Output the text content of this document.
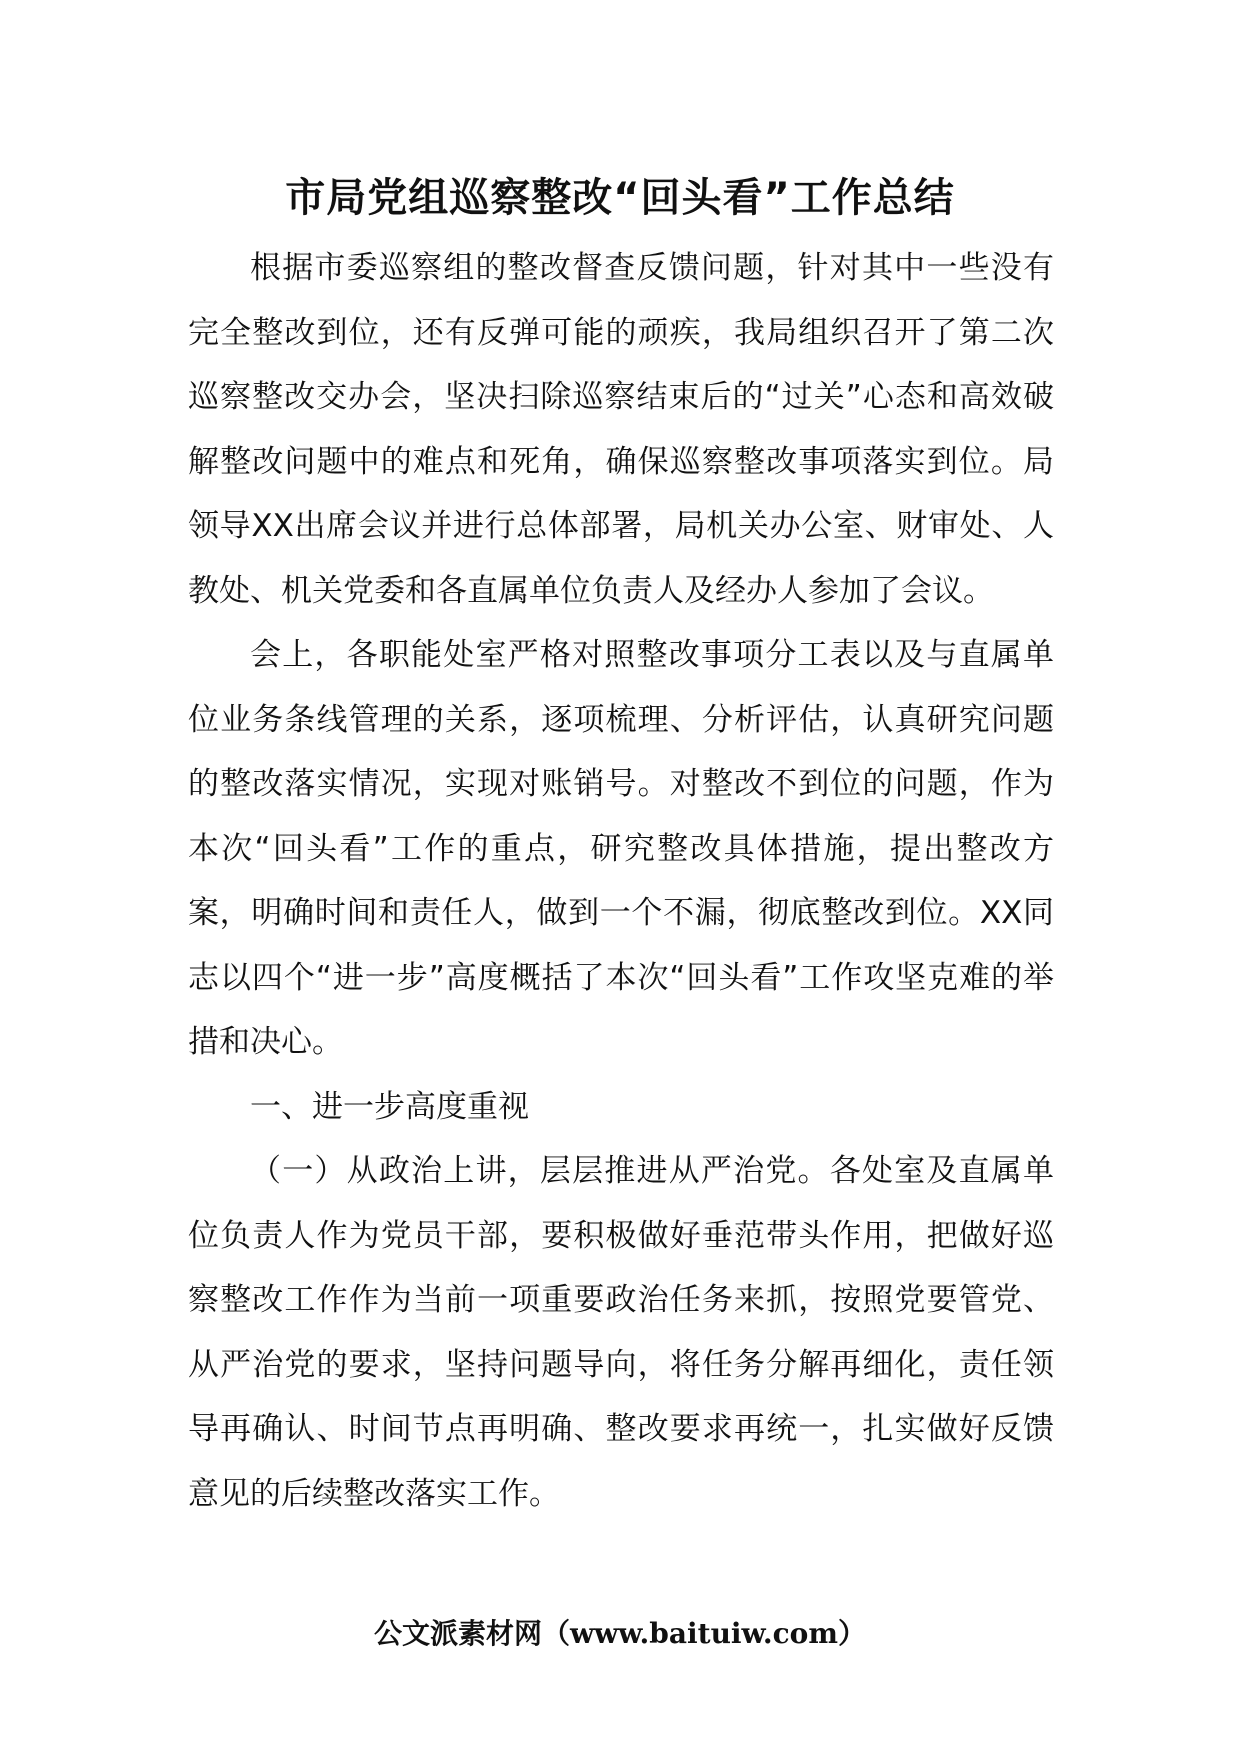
市局党组巡察整改“回头看”工作总结

根据市委巡察组的整改督查反馈问题，针对其中一些没有完全整改到位，还有反弹可能的顽疾，我局组织召开了第二次巡察整改交办会，坚决扫除巡察结束后的“过关”心态和高效破解整改问题中的难点和死角，确保巡察整改事项落实到位。局领导XX出席会议并进行总体部署，局机关办公室、财审处、人教处、机关党委和各直属单位负责人及经办人参加了会议。

会上，各职能处室严格对照整改事项分工表以及与直属单位业务条线管理的关系，逐项梳理、分析评估，认真研究问题的整改落实情况，实现对账销号。对整改不到位的问题，作为本次“回头看”工作的重点，研究整改具体措施，提出整改方案，明确时间和责任人，做到一个不漏，彻底整改到位。XX同志以四个“进一步”高度概括了本次“回头看”工作攻坚克难的举措和决心。

一、进一步高度重视

（一）从政治上讲，层层推进从严治党。各处室及直属单位负责人作为党员干部，要积极做好垂范带头作用，把做好巡察整改工作作为当前一项重要政治任务来抓，按照党要管党、从严治党的要求，坚持问题导向，将任务分解再细化，责任领导再确认、时间节点再明确、整改要求再统一，扎实做好反馈意见的后续整改落实工作。

公文派素材网（www.baituiw.com）
